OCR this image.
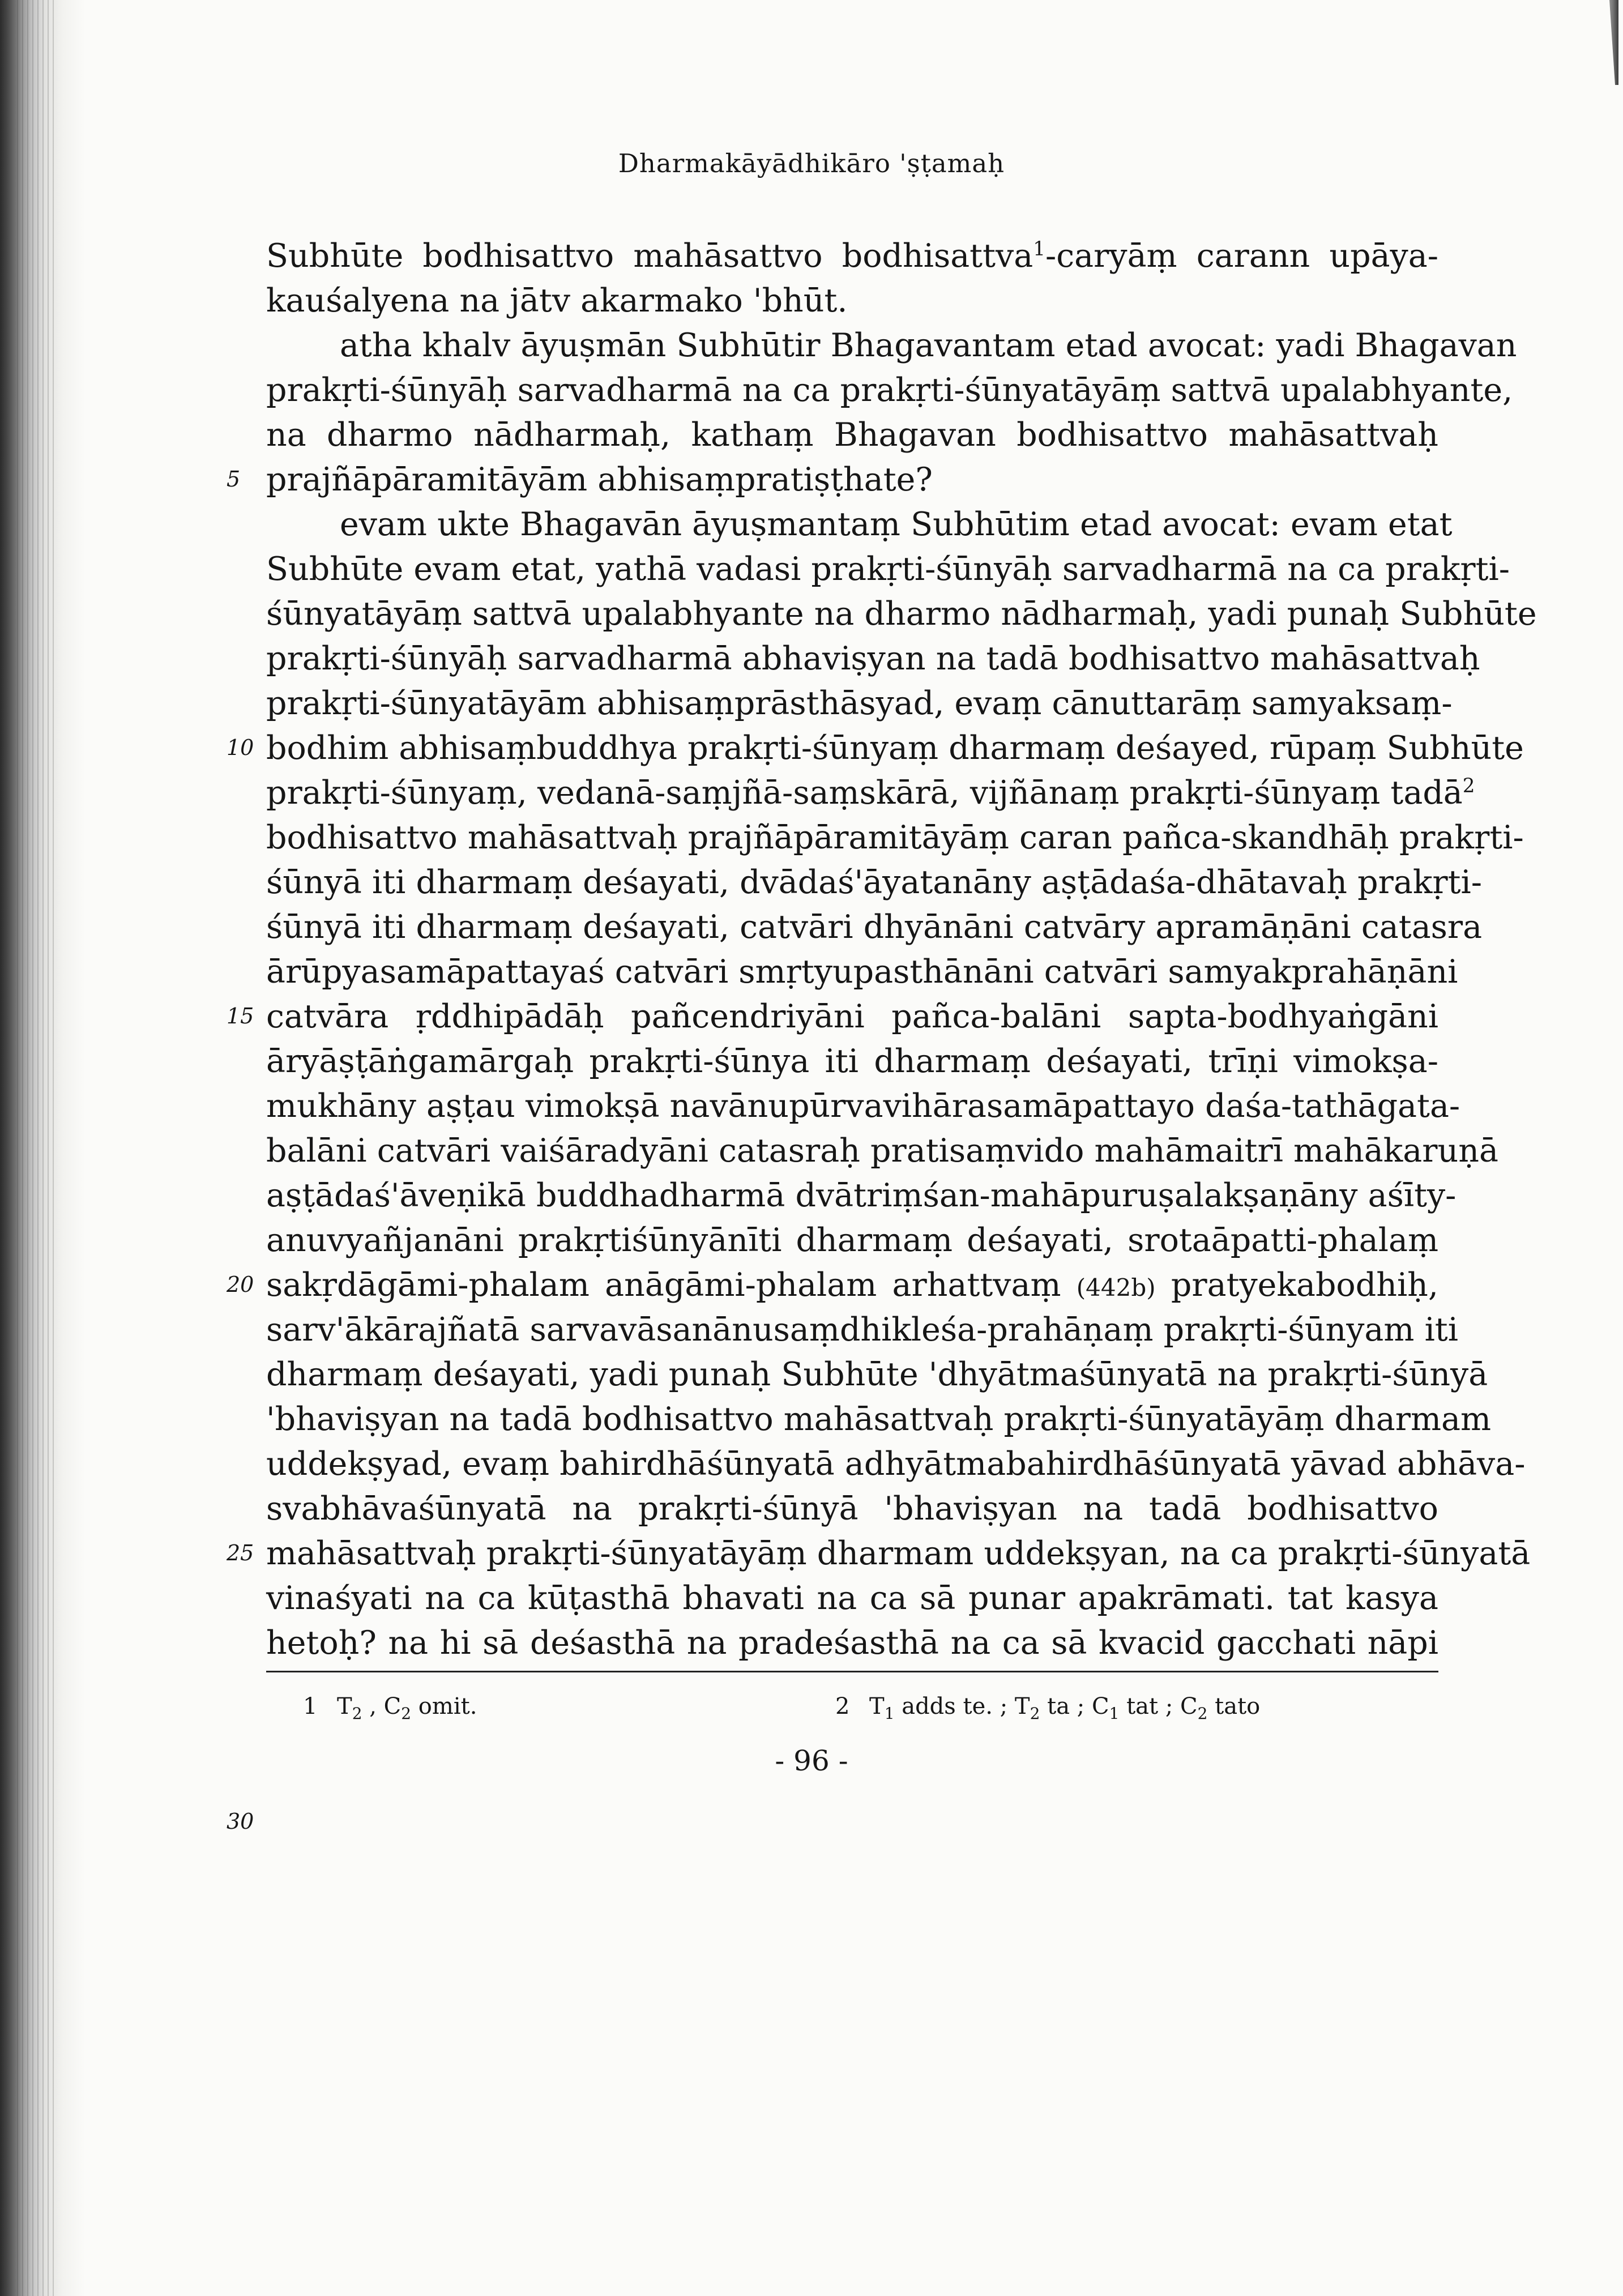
Dharmakāyādhikāro 'ṣṭamaḥ
5
10
15
20
25
30
Subhūte bodhisattvo mahāsattvo bodhisattva$^1$-caryāṃ carann upāya-
kauśalyena na jātv akarmako 'bhūt.
atha khalv āyuṣmān Subhūtir Bhagavantam etad avocat: yadi Bhagavan
prakṛti-śūnyāḥ sarvadharmā na ca prakṛti-śūnyatāyāṃ sattvā upalabhyante,
na dharmo nādharmaḥ, kathaṃ Bhagavan bodhisattvo mahāsattvaḥ
prajñāpāramitāyām abhisaṃpratiṣṭhate?
evam ukte Bhagavān āyuṣmantaṃ Subhūtim etad avocat: evam etat
Subhūte evam etat, yathā vadasi prakṛti-śūnyāḥ sarvadharmā na ca prakṛti-
śūnyatāyāṃ sattvā upalabhyante na dharmo nādharmaḥ, yadi punaḥ Subhūte
prakṛti-śūnyāḥ sarvadharmā abhaviṣyan na tadā bodhisattvo mahāsattvaḥ
prakṛti-śūnyatāyām abhisaṃprāsthāsyad, evaṃ cānuttarāṃ samyaksaṃ-
bodhim abhisaṃbuddhya prakṛti-śūnyaṃ dharmaṃ deśayed, rūpaṃ Subhūte
prakṛti-śūnyaṃ, vedanā-saṃjñā-saṃskārā, vijñānaṃ prakṛti-śūnyaṃ tadā$^2$
bodhisattvo mahāsattvaḥ prajñāpāramitāyāṃ caran pañca-skandhāḥ prakṛti-
śūnyā iti dharmaṃ deśayati, dvādaś'āyatanāny aṣṭādaśa-dhātavaḥ prakṛti-
śūnyā iti dharmaṃ deśayati, catvāri dhyānāni catvāry apramāṇāni catasra
ārūpyasamāpattayaś catvāri smṛtyupasthānāni catvāri samyakprahāṇāni
catvāra ṛddhipādāḥ pañcendriyāni pañca-balāni sapta-bodhyaṅgāni
āryāṣṭāṅgamārgaḥ prakṛti-śūnya iti dharmaṃ deśayati, trīṇi vimokṣa-
mukhāny aṣṭau vimokṣā navānupūrvavihārasamāpattayo daśa-tathāgata-
balāni catvāri vaiśāradyāni catasraḥ pratisaṃvido mahāmaitrī mahākaruṇā
aṣṭādaś'āveṇikā buddhadharmā dvātriṃśan-mahāpuruṣalakṣaṇāny aśīty-
anuvyañjanāni prakṛtiśūnyānīti dharmaṃ deśayati, srotaāpatti-phalaṃ
sakṛdāgāmi-phalam anāgāmi-phalam arhattvaṃ (442b) pratyekabodhiḥ,
sarv'ākārajñatā sarvavāsanānusaṃdhikleśa-prahāṇaṃ prakṛti-śūnyam iti
dharmaṃ deśayati, yadi punaḥ Subhūte 'dhyātmaśūnyatā na prakṛti-śūnyā
'bhaviṣyan na tadā bodhisattvo mahāsattvaḥ prakṛti-śūnyatāyāṃ dharmam
uddekṣyad, evaṃ bahirdhāśūnyatā adhyātmabahirdhāśūnyatā yāvad abhāva-
svabhāvaśūnyatā na prakṛti-śūnyā 'bhaviṣyan na tadā bodhisattvo
mahāsattvaḥ prakṛti-śūnyatāyāṃ dharmam uddekṣyan, na ca prakṛti-śūnyatā
vinaśyati na ca kūṭasthā bhavati na ca sā punar apakrāmati. tat kasya
hetoḥ? na hi sā deśasthā na pradeśasthā na ca sā kvacid gacchati nāpi
1 $T_2$ , $C_2$ omit.	2 $T_1$ adds te. ; $T_2$ ta ; $C_1$ tat ; $C_2$ tato
- 96 -
